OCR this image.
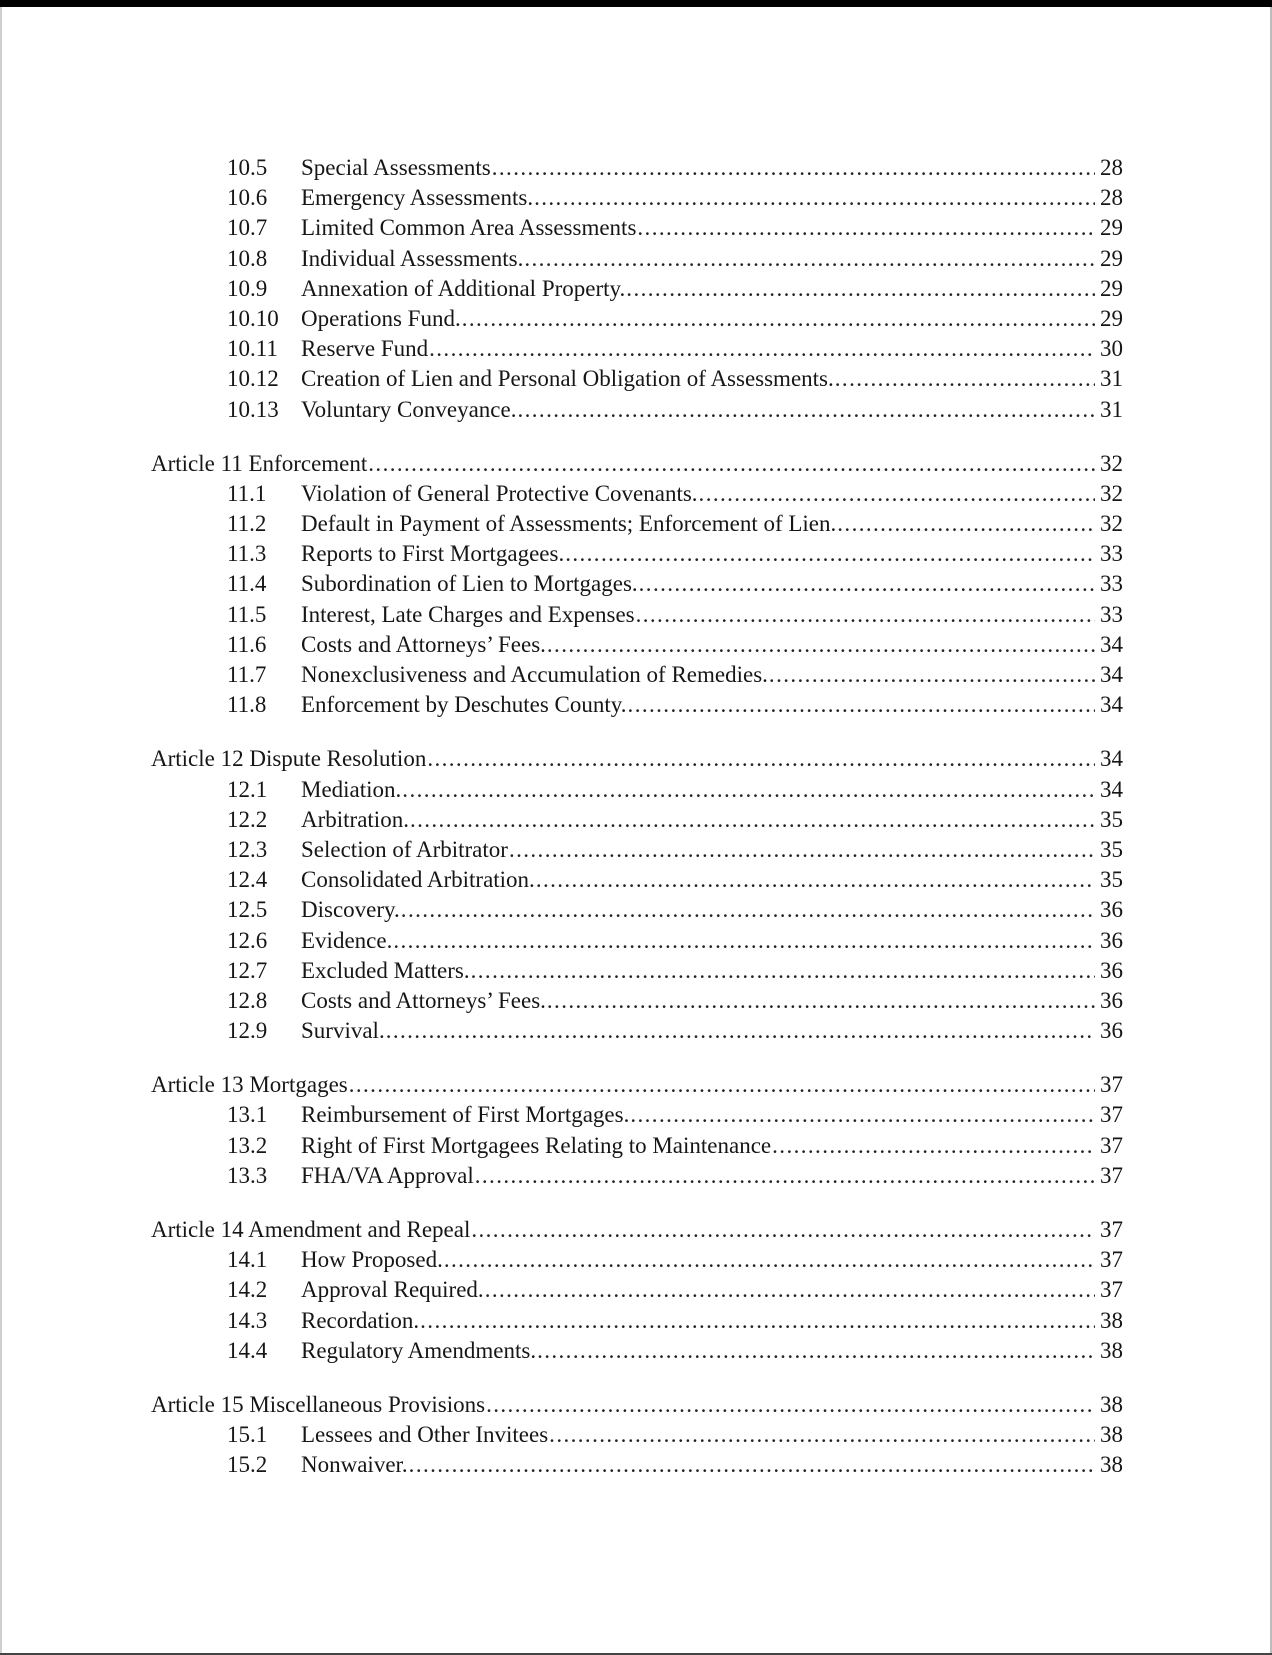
10.5	Special Assessments .....	28
10.6	Emergency Assessments. .....	28
10.7	Limited Common Area Assessments .....	29
10.8	Individual Assessments. .....	29
10.9	Annexation of Additional Property. .....	29
10.10 Operations Fund. .....	29
10.11	Reserve Fund .....	30
10.12 Creation of Lien and Personal Obligation of Assessments. .....	31
10.13 Voluntary Conveyance. .....	31
Article 11 Enforcement .....	32
11.1	Violation of General Protective Covenants. .....	32
11.2	Default in Payment of Assessments; Enforcement of Lien. .....	32
11.3	Reports to First Mortgagees. .....	33
11.4	Subordination of Lien to Mortgages. .....	33
11.5	Interest, Late Charges and Expenses .....	33
11.6	Costs and Attorneys’ Fees. .....	34
11.7	Nonexclusiveness and Accumulation of Remedies. .....	34
11.8	Enforcement by Deschutes County. .....	34
Article 12 Dispute Resolution .....	34
12.1	Mediation. .....	34
12.2	Arbitration. .....	35
12.3	Selection of Arbitrator .....	35
12.4	Consolidated Arbitration. .....	35
12.5	Discovery. .....	36
12.6	Evidence. .....	36
12.7	Excluded Matters. .....	36
12.8	Costs and Attorneys’ Fees. .....	36
12.9	Survival. .....	36
Article 13 Mortgages .....	37
13.1	Reimbursement of First Mortgages. .....	37
13.2	Right of First Mortgagees Relating to Maintenance .....	37
13.3	FHA/VA Approval .....	37
Article 14 Amendment and Repeal .....	37
14.1	How Proposed. .....	37
14.2	Approval Required. .....	37
14.3	Recordation. .....	38
14.4	Regulatory Amendments. .....	38
Article 15 Miscellaneous Provisions .....	38
15.1	Lessees and Other Invitees .....	38
15.2	Nonwaiver. .....	38
